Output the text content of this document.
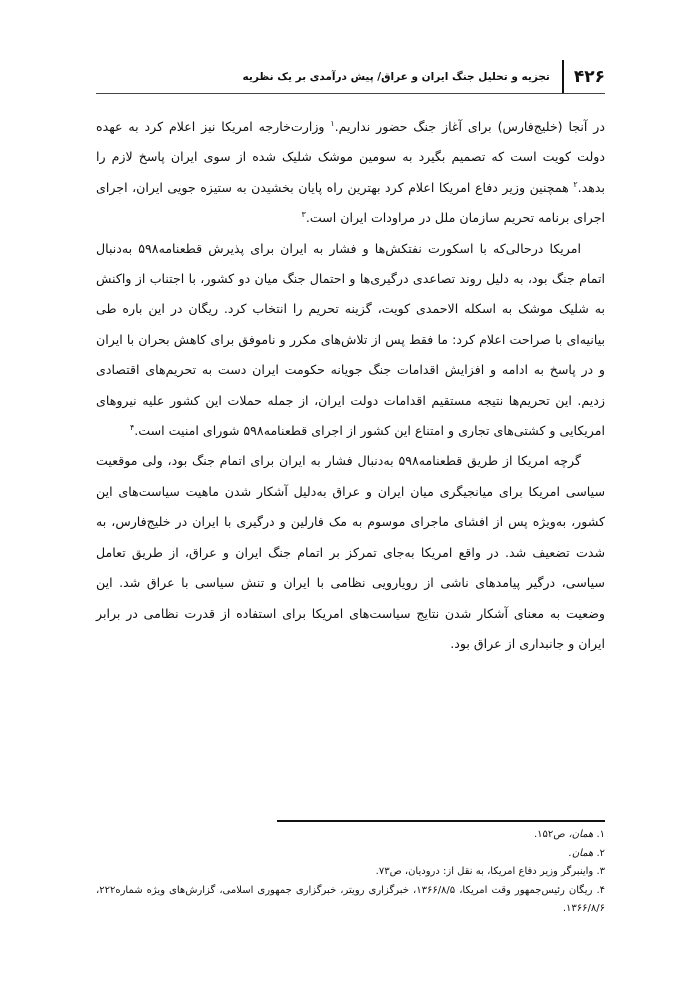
۴۲۶
تجزیه و تحلیل جنگ ایران و عراق/ پیش درآمدی بر یک نظریه

در آنجا (خلیج‌فارس) برای آغاز جنگ حضور نداریم.$^۱$ وزارت‌خارجه امریکا نیز اعلام کرد به عهده دولت کویت است که تصمیم بگیرد به سومین موشک شلیک شده از سوی ایران پاسخ لازم را بدهد.$^۲$ همچنین وزیر دفاع امریکا اعلام کرد بهترین راه پایان بخشیدن به ستیزه جویی ایران، اجرای اجرای برنامه تحریم سازمان ملل در مراودات ایران است.$^۳$

امریکا درحالی‌که با اسکورت نفتکش‌ها و فشار به ایران برای پذیرش قطعنامه۵۹۸ به‌دنبال اتمام جنگ بود، به دلیل روند تصاعدی درگیری‌ها و احتمال جنگ میان دو کشور، با اجتناب از واکنش به شلیک موشک به اسکله الاحمدی کویت، گزینه تحریم را انتخاب کرد. ریگان در این باره طی بیانیه‌ای با صراحت اعلام کرد: ما فقط پس از تلاش‌های مکرر و ناموفق برای کاهش بحران با ایران و در پاسخ به ادامه و افزایش اقدامات جنگ جویانه حکومت ایران دست به تحریم‌های اقتصادی زدیم. این تحریم‌ها نتیجه مستقیم اقدامات دولت ایران، از جمله حملات این کشور علیه نیروهای امریکایی و کشتی‌های تجاری و امتناع این کشور از اجرای قطعنامه۵۹۸ شورای امنیت است.$^۴$

گرچه امریکا از طریق قطعنامه۵۹۸ به‌دنبال فشار به ایران برای اتمام جنگ بود، ولی موقعیت سیاسی امریکا برای میانجیگری میان ایران و عراق به‌دلیل آشکار شدن ماهیت سیاست‌های این کشور، به‌ویژه پس از افشای ماجرای موسوم به مک فارلین و درگیری با ایران در خلیج‌فارس، به شدت تضعیف شد. در واقع امریکا به‌جای تمرکز بر اتمام جنگ ایران و عراق، از طریق تعامل سیاسی، درگیر پیامدهای ناشی از رویارویی نظامی با ایران و تنش سیاسی با عراق شد. این وضعیت به معنای آشکار شدن نتایج سیاست‌های امریکا برای استفاده از قدرت نظامی در برابر ایران و جانبداری از عراق بود.

۱. همان، ص۱۵۲.
۲. همان.
۳. واینبرگر وزیر دفاع امریکا، به نقل از: درودیان، ص۷۳.
۴. ریگان رئیس‌جمهور وقت امریکا، ۱۳۶۶/۸/۵، خبرگزاری رویتر، خبرگزاری جمهوری اسلامی، گزارش‌های ویژه شماره۲۲۲، ۱۳۶۶/۸/۶.
